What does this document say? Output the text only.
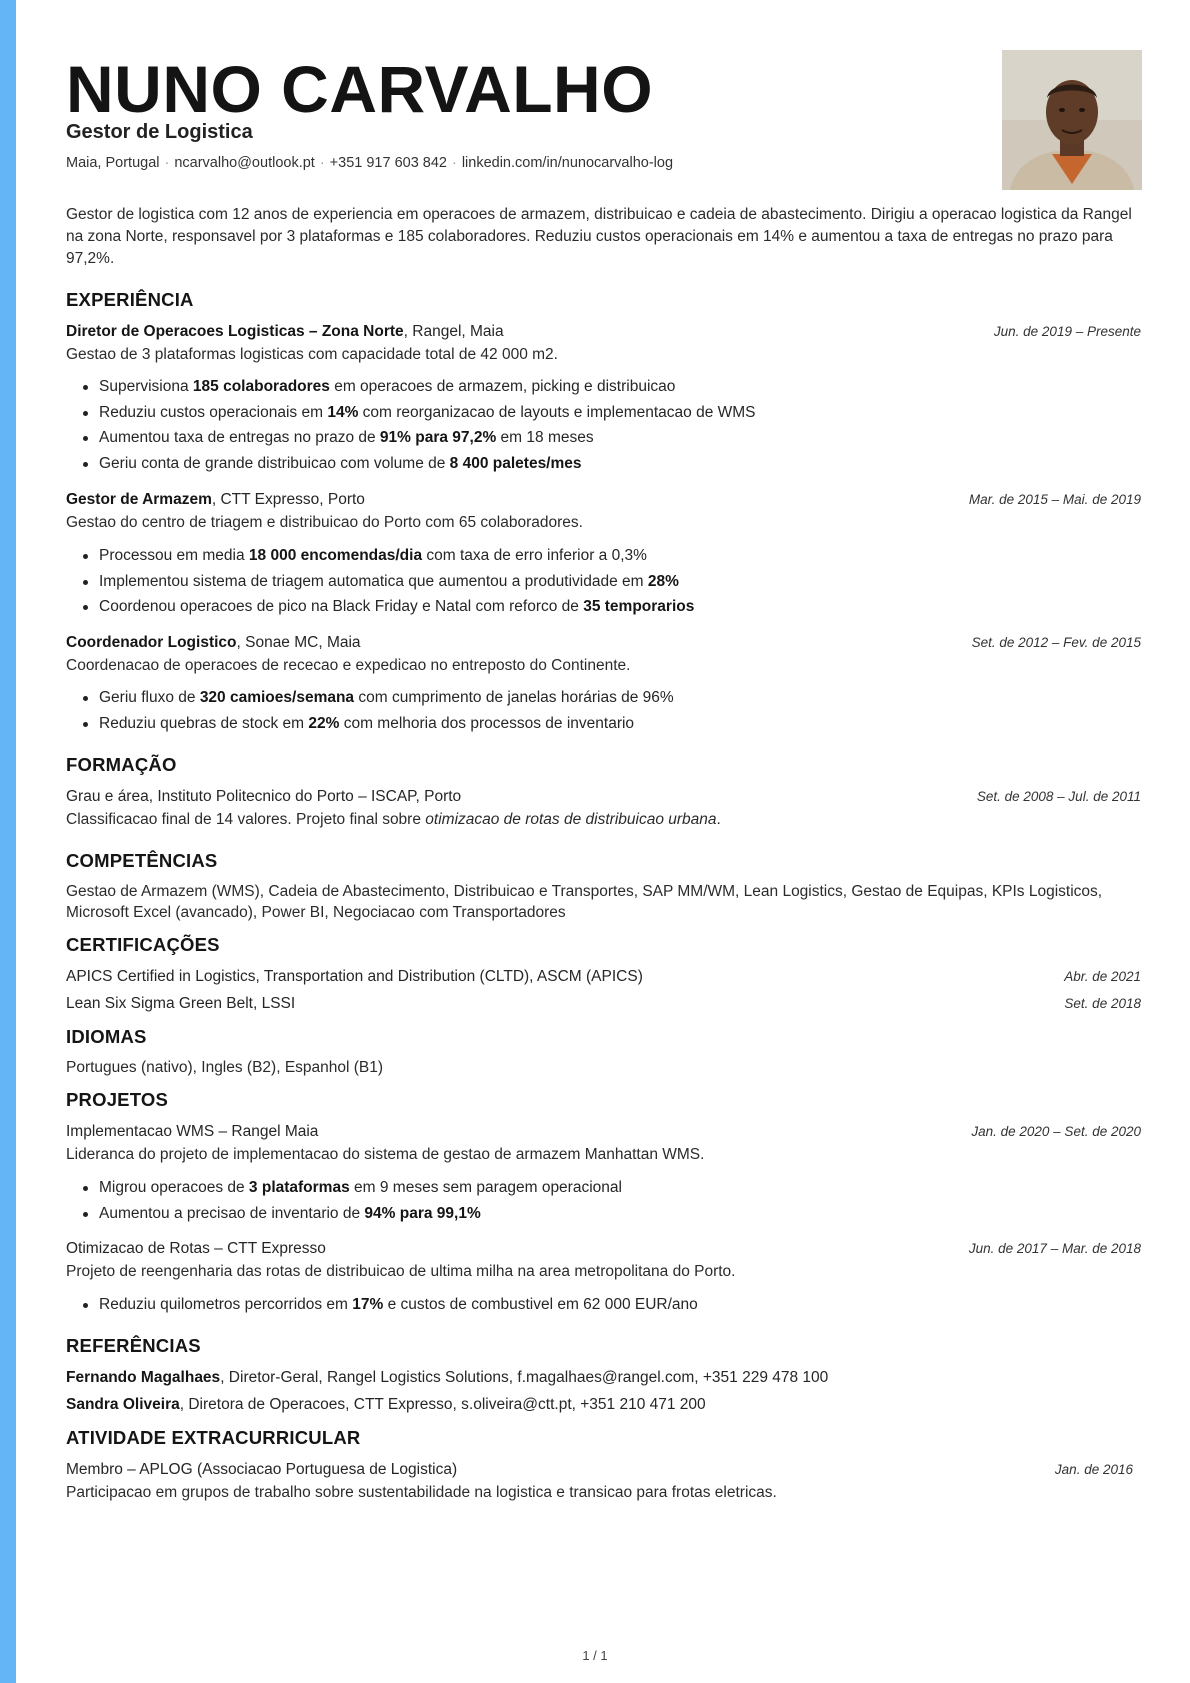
NUNO CARVALHO
Gestor de Logistica
Maia, Portugal · ncarvalho@outlook.pt · +351 917 603 842 · linkedin.com/in/nunocarvalho-log
Gestor de logistica com 12 anos de experiencia em operacoes de armazem, distribuicao e cadeia de abastecimento. Dirigiu a operacao logistica da Rangel na zona Norte, responsavel por 3 plataformas e 185 colaboradores. Reduziu custos operacionais em 14% e aumentou a taxa de entregas no prazo para 97,2%.
EXPERIÊNCIA
Diretor de Operacoes Logisticas – Zona Norte, Rangel, Maia	Jun. de 2019 – Presente
Gestao de 3 plataformas logisticas com capacidade total de 42 000 m2.
Supervisiona 185 colaboradores em operacoes de armazem, picking e distribuicao
Reduziu custos operacionais em 14% com reorganizacao de layouts e implementacao de WMS
Aumentou taxa de entregas no prazo de 91% para 97,2% em 18 meses
Geriu conta de grande distribuicao com volume de 8 400 paletes/mes
Gestor de Armazem, CTT Expresso, Porto	Mar. de 2015 – Mai. de 2019
Gestao do centro de triagem e distribuicao do Porto com 65 colaboradores.
Processou em media 18 000 encomendas/dia com taxa de erro inferior a 0,3%
Implementou sistema de triagem automatica que aumentou a produtividade em 28%
Coordenou operacoes de pico na Black Friday e Natal com reforco de 35 temporarios
Coordenador Logistico, Sonae MC, Maia	Set. de 2012 – Fev. de 2015
Coordenacao de operacoes de rececao e expedicao no entreposto do Continente.
Geriu fluxo de 320 camioes/semana com cumprimento de janelas horárias de 96%
Reduziu quebras de stock em 22% com melhoria dos processos de inventario
FORMAÇÃO
Grau e área, Instituto Politecnico do Porto – ISCAP, Porto	Set. de 2008 – Jul. de 2011
Classificacao final de 14 valores. Projeto final sobre otimizacao de rotas de distribuicao urbana.
COMPETÊNCIAS
Gestao de Armazem (WMS), Cadeia de Abastecimento, Distribuicao e Transportes, SAP MM/WM, Lean Logistics, Gestao de Equipas, KPIs Logisticos, Microsoft Excel (avancado), Power BI, Negociacao com Transportadores
CERTIFICAÇÕES
APICS Certified in Logistics, Transportation and Distribution (CLTD), ASCM (APICS)	Abr. de 2021
Lean Six Sigma Green Belt, LSSI	Set. de 2018
IDIOMAS
Portugues (nativo), Ingles (B2), Espanhol (B1)
PROJETOS
Implementacao WMS – Rangel Maia	Jan. de 2020 – Set. de 2020
Lideranca do projeto de implementacao do sistema de gestao de armazem Manhattan WMS.
Migrou operacoes de 3 plataformas em 9 meses sem paragem operacional
Aumentou a precisao de inventario de 94% para 99,1%
Otimizacao de Rotas – CTT Expresso	Jun. de 2017 – Mar. de 2018
Projeto de reengenharia das rotas de distribuicao de ultima milha na area metropolitana do Porto.
Reduziu quilometros percorridos em 17% e custos de combustivel em 62 000 EUR/ano
REFERÊNCIAS
Fernando Magalhaes, Diretor-Geral, Rangel Logistics Solutions, f.magalhaes@rangel.com, +351 229 478 100
Sandra Oliveira, Diretora de Operacoes, CTT Expresso, s.oliveira@ctt.pt, +351 210 471 200
ATIVIDADE EXTRACURRICULAR
Membro – APLOG (Associacao Portuguesa de Logistica)	Jan. de 2016
Participacao em grupos de trabalho sobre sustentabilidade na logistica e transicao para frotas eletricas.
1 / 1
